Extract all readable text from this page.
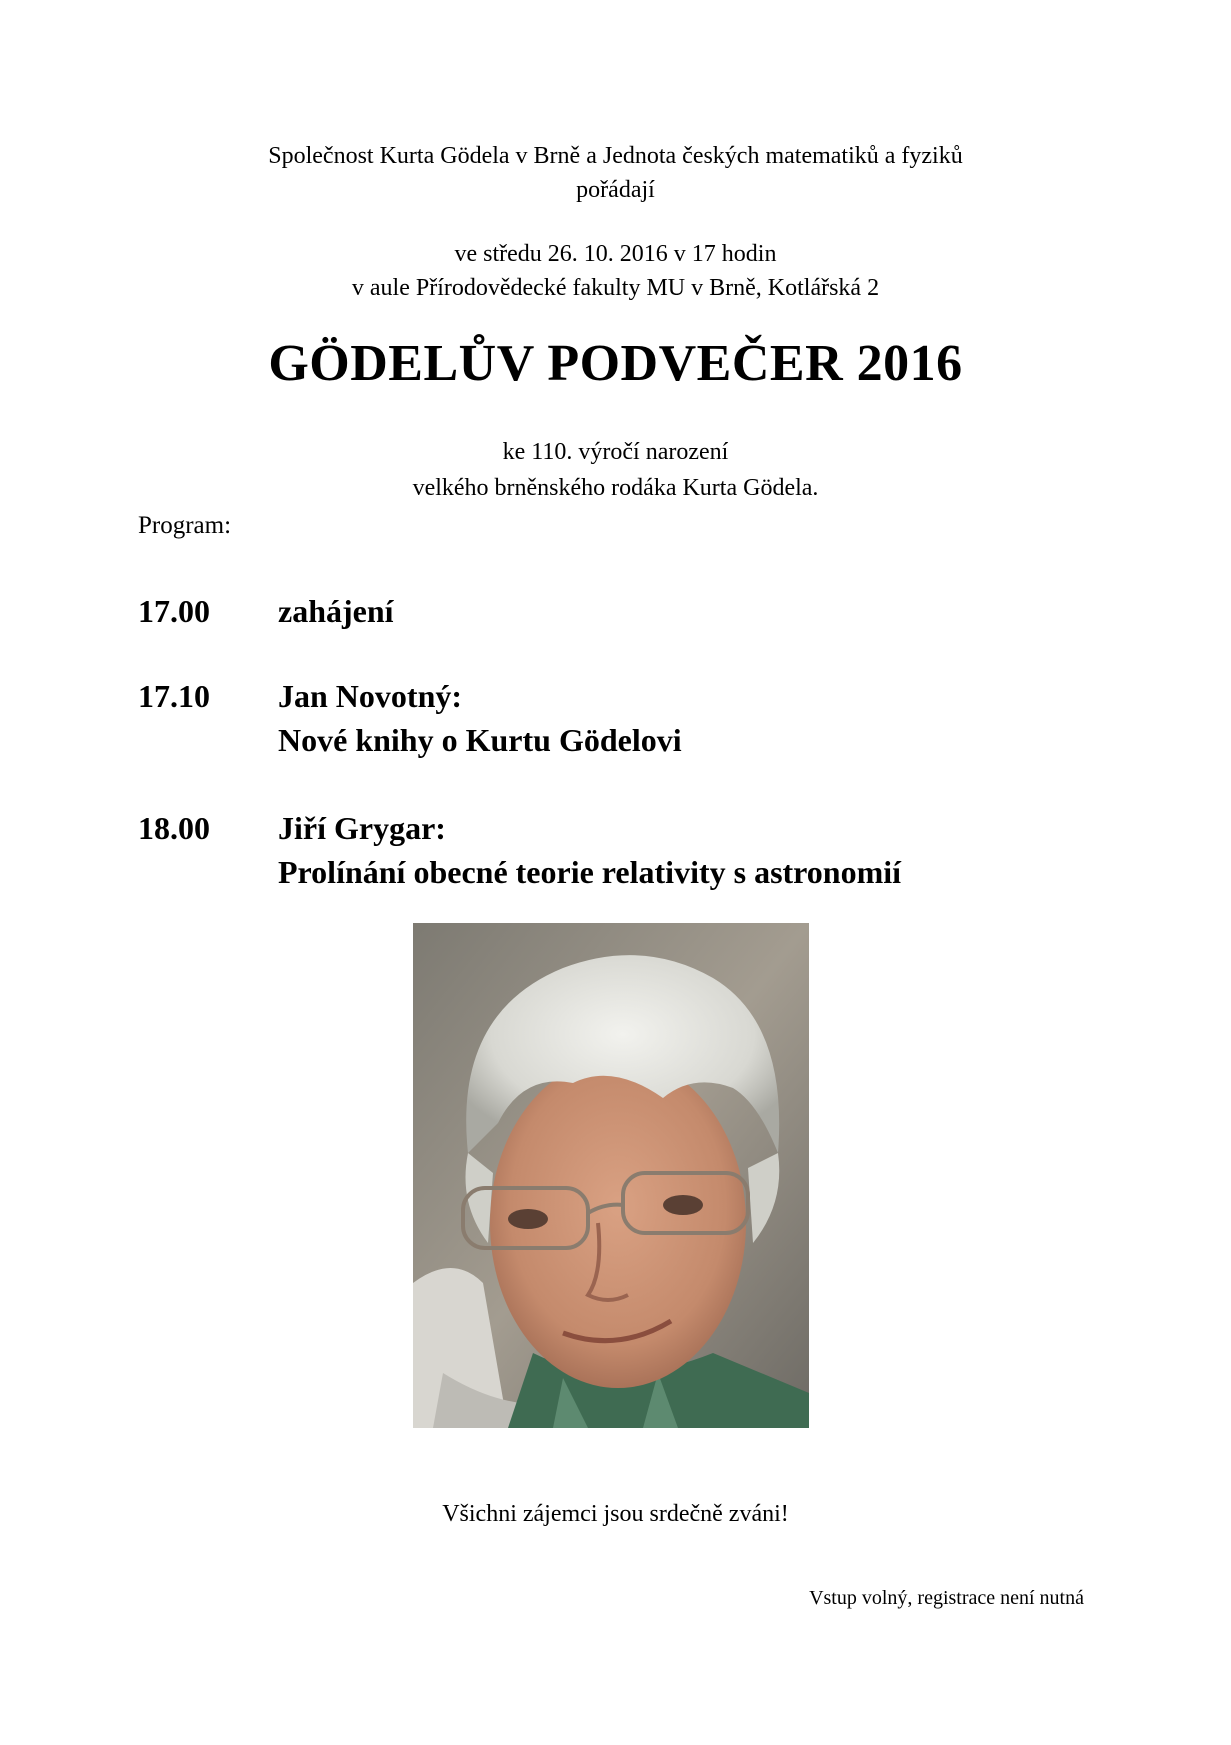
Společnost Kurta Gödela v Brně a Jednota českých matematiků a fyziků
pořádají
ve středu 26. 10. 2016 v 17 hodin
v aule Přírodovědecké fakulty MU v Brně, Kotlářská 2
GÖDELŮV PODVEČER 2016
ke 110. výročí narození
velkého brněnského rodáka Kurta Gödela.
Program:
17.00 zahájení
17.10 Jan Novotný:
Nové knihy o Kurtu Gödelovi
18.00 Jiří Grygar:
Prolínání obecné teorie relativity s astronomií
Všichni zájemci jsou srdečně zváni!
Vstup volný, registrace není nutná
